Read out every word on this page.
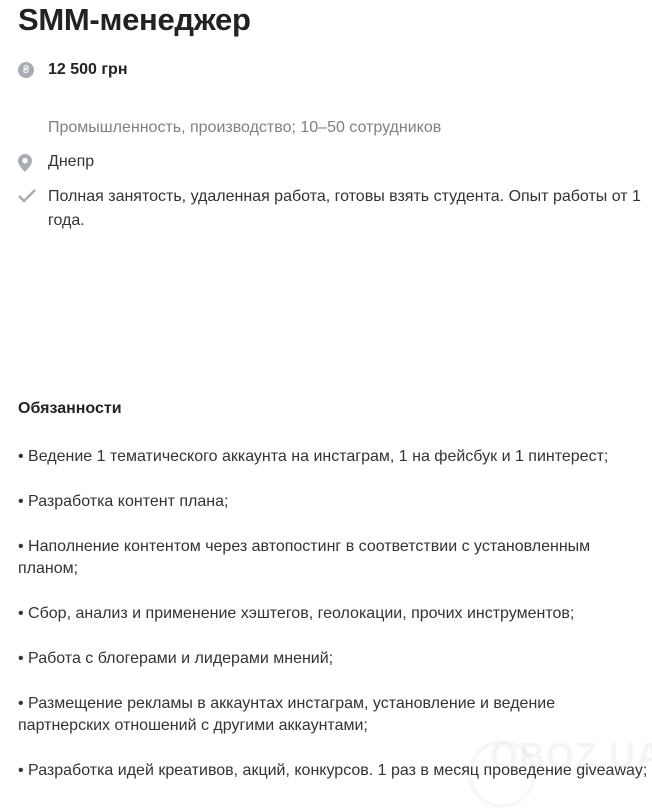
SMM-менеджер
₴	12 500 грн
Промышленность, производство; 10–50 сотрудников
Днепр
Полная занятость, удаленная работа, готовы взять студента. Опыт работы от 1 года.
Обязанности

• Ведение 1 тематического аккаунта на инстаграм, 1 на фейсбук и 1 пинтерест;

• Разработка контент плана;

• Наполнение контентом через автопостинг в соответствии с установленным планом;

• Сбор, анализ и применение хэштегов, геолокации, прочих инструментов;

• Работа с блогерами и лидерами мнений;

• Размещение рекламы в аккаунтах инстаграм, установление и ведение партнерских отношений с другими аккаунтами;

• Разработка идей креативов, акций, конкурсов. 1 раз в месяц проведение giveaway;
